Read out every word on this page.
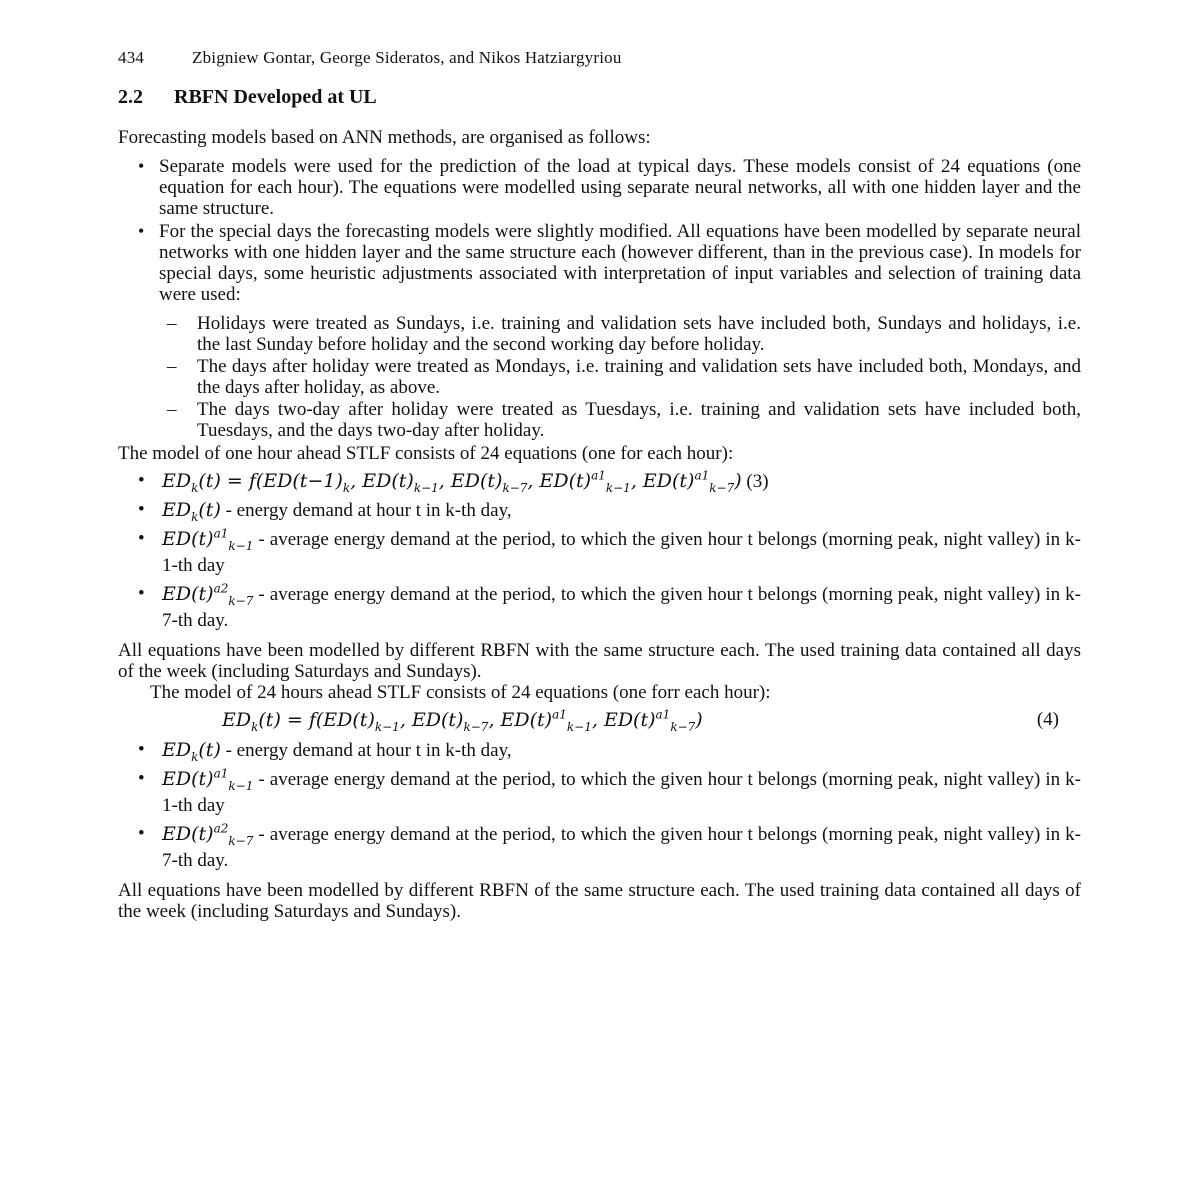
434	Zbigniew Gontar, George Sideratos, and Nikos Hatziargyriou
2.2 RBFN Developed at UL

Forecasting models based on ANN methods, are organised as follows:

• Separate models were used for the prediction of the load at typical days. These models consist of 24 equations (one equation for each hour). The equations were modelled using separate neural networks, all with one hidden layer and the same structure.
• For the special days the forecasting models were slightly modified. All equations have been modelled by separate neural networks with one hidden layer and the same structure each (however different, than in the previous case). In models for special days, some heuristic adjustments associated with interpretation of input variables and selection of training data were used:
– Holidays were treated as Sundays, i.e. training and validation sets have included both, Sundays and holidays, i.e. the last Sunday before holiday and the second working day before holiday.
– The days after holiday were treated as Mondays, i.e. training and validation sets have included both, Mondays, and the days after holiday, as above.
– The days two-day after holiday were treated as Tuesdays, i.e. training and validation sets have included both, Tuesdays, and the days two-day after holiday.

The model of one hour ahead STLF consists of 24 equations (one for each hour):

• $ED_k(t) = f(ED(t-1)_k$, $ED(t)_{k-1}$, $ED(t)_{k-7}$, $ED(t)^{a1}_{k-1}$, $ED(t)^{a1}_{k-7}$) (3)
• $ED_k(t)$ - energy demand at hour t in k-th day,
• $ED(t)^{a1}_{k-1}$ - average energy demand at the period, to which the given hour t belongs (morning peak, night valley) in k-1-th day
• $ED(t)^{a2}_{k-7}$ - average energy demand at the period, to which the given hour t belongs (morning peak, night valley) in k-7-th day.

All equations have been modelled by different RBFN with the same structure each. The used training data contained all days of the week (including Saturdays and Sundays).

The model of 24 hours ahead STLF consists of 24 equations (one forr each hour):

$ED_k(t) = f(ED(t)_{k-1}$, $ED(t)_{k-7}$, $ED(t)^{a1}_{k-1}$, $ED(t)^{a1}_{k-7}$)	(4)
• $ED_k(t)$ - energy demand at hour t in k-th day,
• $ED(t)^{a1}_{k-1}$ - average energy demand at the period, to which the given hour t belongs (morning peak, night valley) in k-1-th day
• $ED(t)^{a2}_{k-7}$ - average energy demand at the period, to which the given hour t belongs (morning peak, night valley) in k-7-th day.

All equations have been modelled by different RBFN of the same structure each. The used training data contained all days of the week (including Saturdays and Sundays).
